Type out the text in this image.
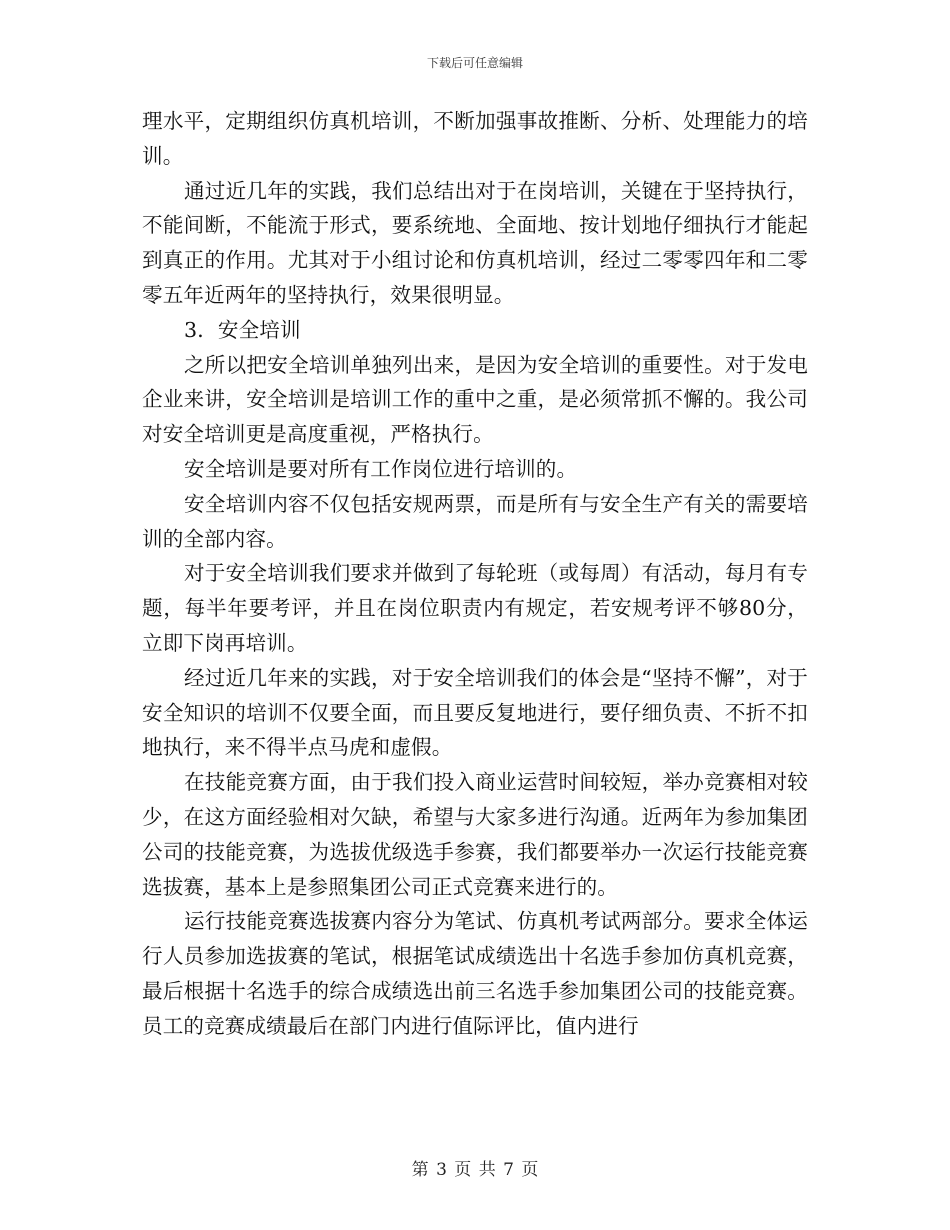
下载后可任意编辑

理水平，定期组织仿真机培训，不断加强事故推断、分析、处理能力的培训。

通过近几年的实践，我们总结出对于在岗培训，关键在于坚持执行，不能间断，不能流于形式，要系统地、全面地、按计划地仔细执行才能起到真正的作用。尤其对于小组讨论和仿真机培训，经过二零零四年和二零零五年近两年的坚持执行，效果很明显。

3．安全培训

之所以把安全培训单独列出来，是因为安全培训的重要性。对于发电企业来讲，安全培训是培训工作的重中之重，是必须常抓不懈的。我公司对安全培训更是高度重视，严格执行。

安全培训是要对所有工作岗位进行培训的。

安全培训内容不仅包括安规两票，而是所有与安全生产有关的需要培训的全部内容。

对于安全培训我们要求并做到了每轮班（或每周）有活动，每月有专题，每半年要考评，并且在岗位职责内有规定，若安规考评不够80分，立即下岗再培训。

经过近几年来的实践，对于安全培训我们的体会是“坚持不懈”，对于安全知识的培训不仅要全面，而且要反复地进行，要仔细负责、不折不扣地执行，来不得半点马虎和虚假。

在技能竞赛方面，由于我们投入商业运营时间较短，举办竞赛相对较少，在这方面经验相对欠缺，希望与大家多进行沟通。近两年为参加集团公司的技能竞赛，为选拔优级选手参赛，我们都要举办一次运行技能竞赛选拔赛，基本上是参照集团公司正式竞赛来进行的。

运行技能竞赛选拔赛内容分为笔试、仿真机考试两部分。要求全体运行人员参加选拔赛的笔试，根据笔试成绩选出十名选手参加仿真机竞赛，最后根据十名选手的综合成绩选出前三名选手参加集团公司的技能竞赛。员工的竞赛成绩最后在部门内进行值际评比，值内进行

第 3 页 共 7 页
